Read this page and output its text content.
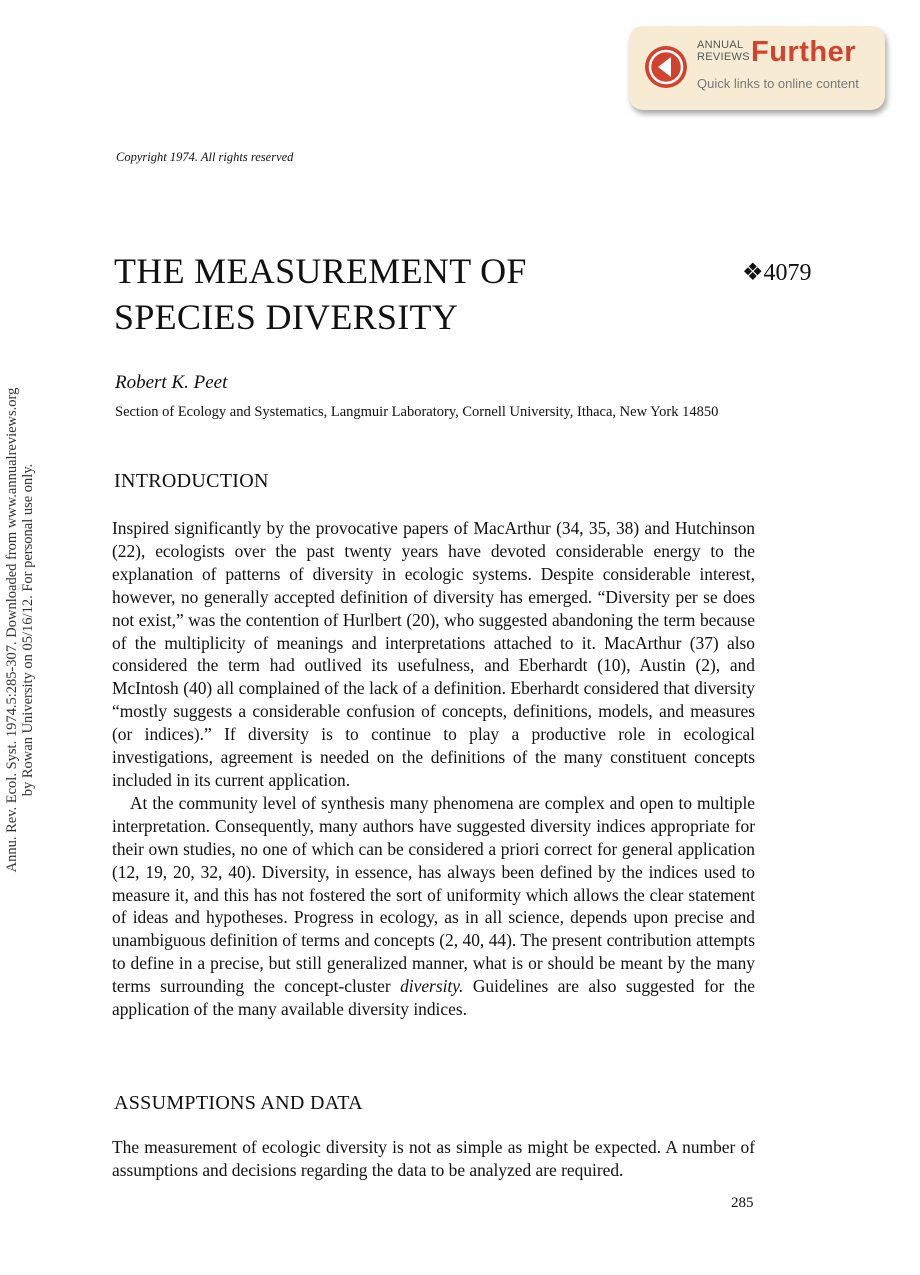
ANNUAL
REVIEWS Further
Quick links to online content
Annu. Rev. Ecol. Syst. 1974.5:285-307. Downloaded from www.annualreviews.org by Rowan University on 05/16/12. For personal use only.
Copyright 1974. All rights reserved
THE MEASUREMENT OF
SPECIES DIVERSITY
❖4079
Robert K. Peet
Section of Ecology and Systematics, Langmuir Laboratory, Cornell University, Ithaca, New York 14850
INTRODUCTION

Inspired significantly by the provocative papers of MacArthur (34, 35, 38) and Hutchinson (22), ecologists over the past twenty years have devoted considerable energy to the explanation of patterns of diversity in ecologic systems. Despite considerable interest, however, no generally accepted definition of diversity has emerged. “Diversity per se does not exist,” was the contention of Hurlbert (20), who suggested abandoning the term because of the multiplicity of meanings and interpretations attached to it. MacArthur (37) also considered the term had outlived its usefulness, and Eberhardt (10), Austin (2), and McIntosh (40) all complained of the lack of a definition. Eberhardt considered that diversity “mostly suggests a considerable confusion of concepts, definitions, models, and measures (or indices).” If diversity is to continue to play a productive role in ecological investigations, agreement is needed on the definitions of the many constituent concepts included in its current application.

At the community level of synthesis many phenomena are complex and open to multiple interpretation. Consequently, many authors have suggested diversity indices appropriate for their own studies, no one of which can be considered a priori correct for general application (12, 19, 20, 32, 40). Diversity, in essence, has always been defined by the indices used to measure it, and this has not fostered the sort of uniformity which allows the clear statement of ideas and hypotheses. Progress in ecology, as in all science, depends upon precise and unambiguous definition of terms and concepts (2, 40, 44). The present contribution attempts to define in a precise, but still generalized manner, what is or should be meant by the many terms surrounding the concept-cluster diversity. Guidelines are also suggested for the application of the many available diversity indices.

ASSUMPTIONS AND DATA

The measurement of ecologic diversity is not as simple as might be expected. A number of assumptions and decisions regarding the data to be analyzed are required.

285
